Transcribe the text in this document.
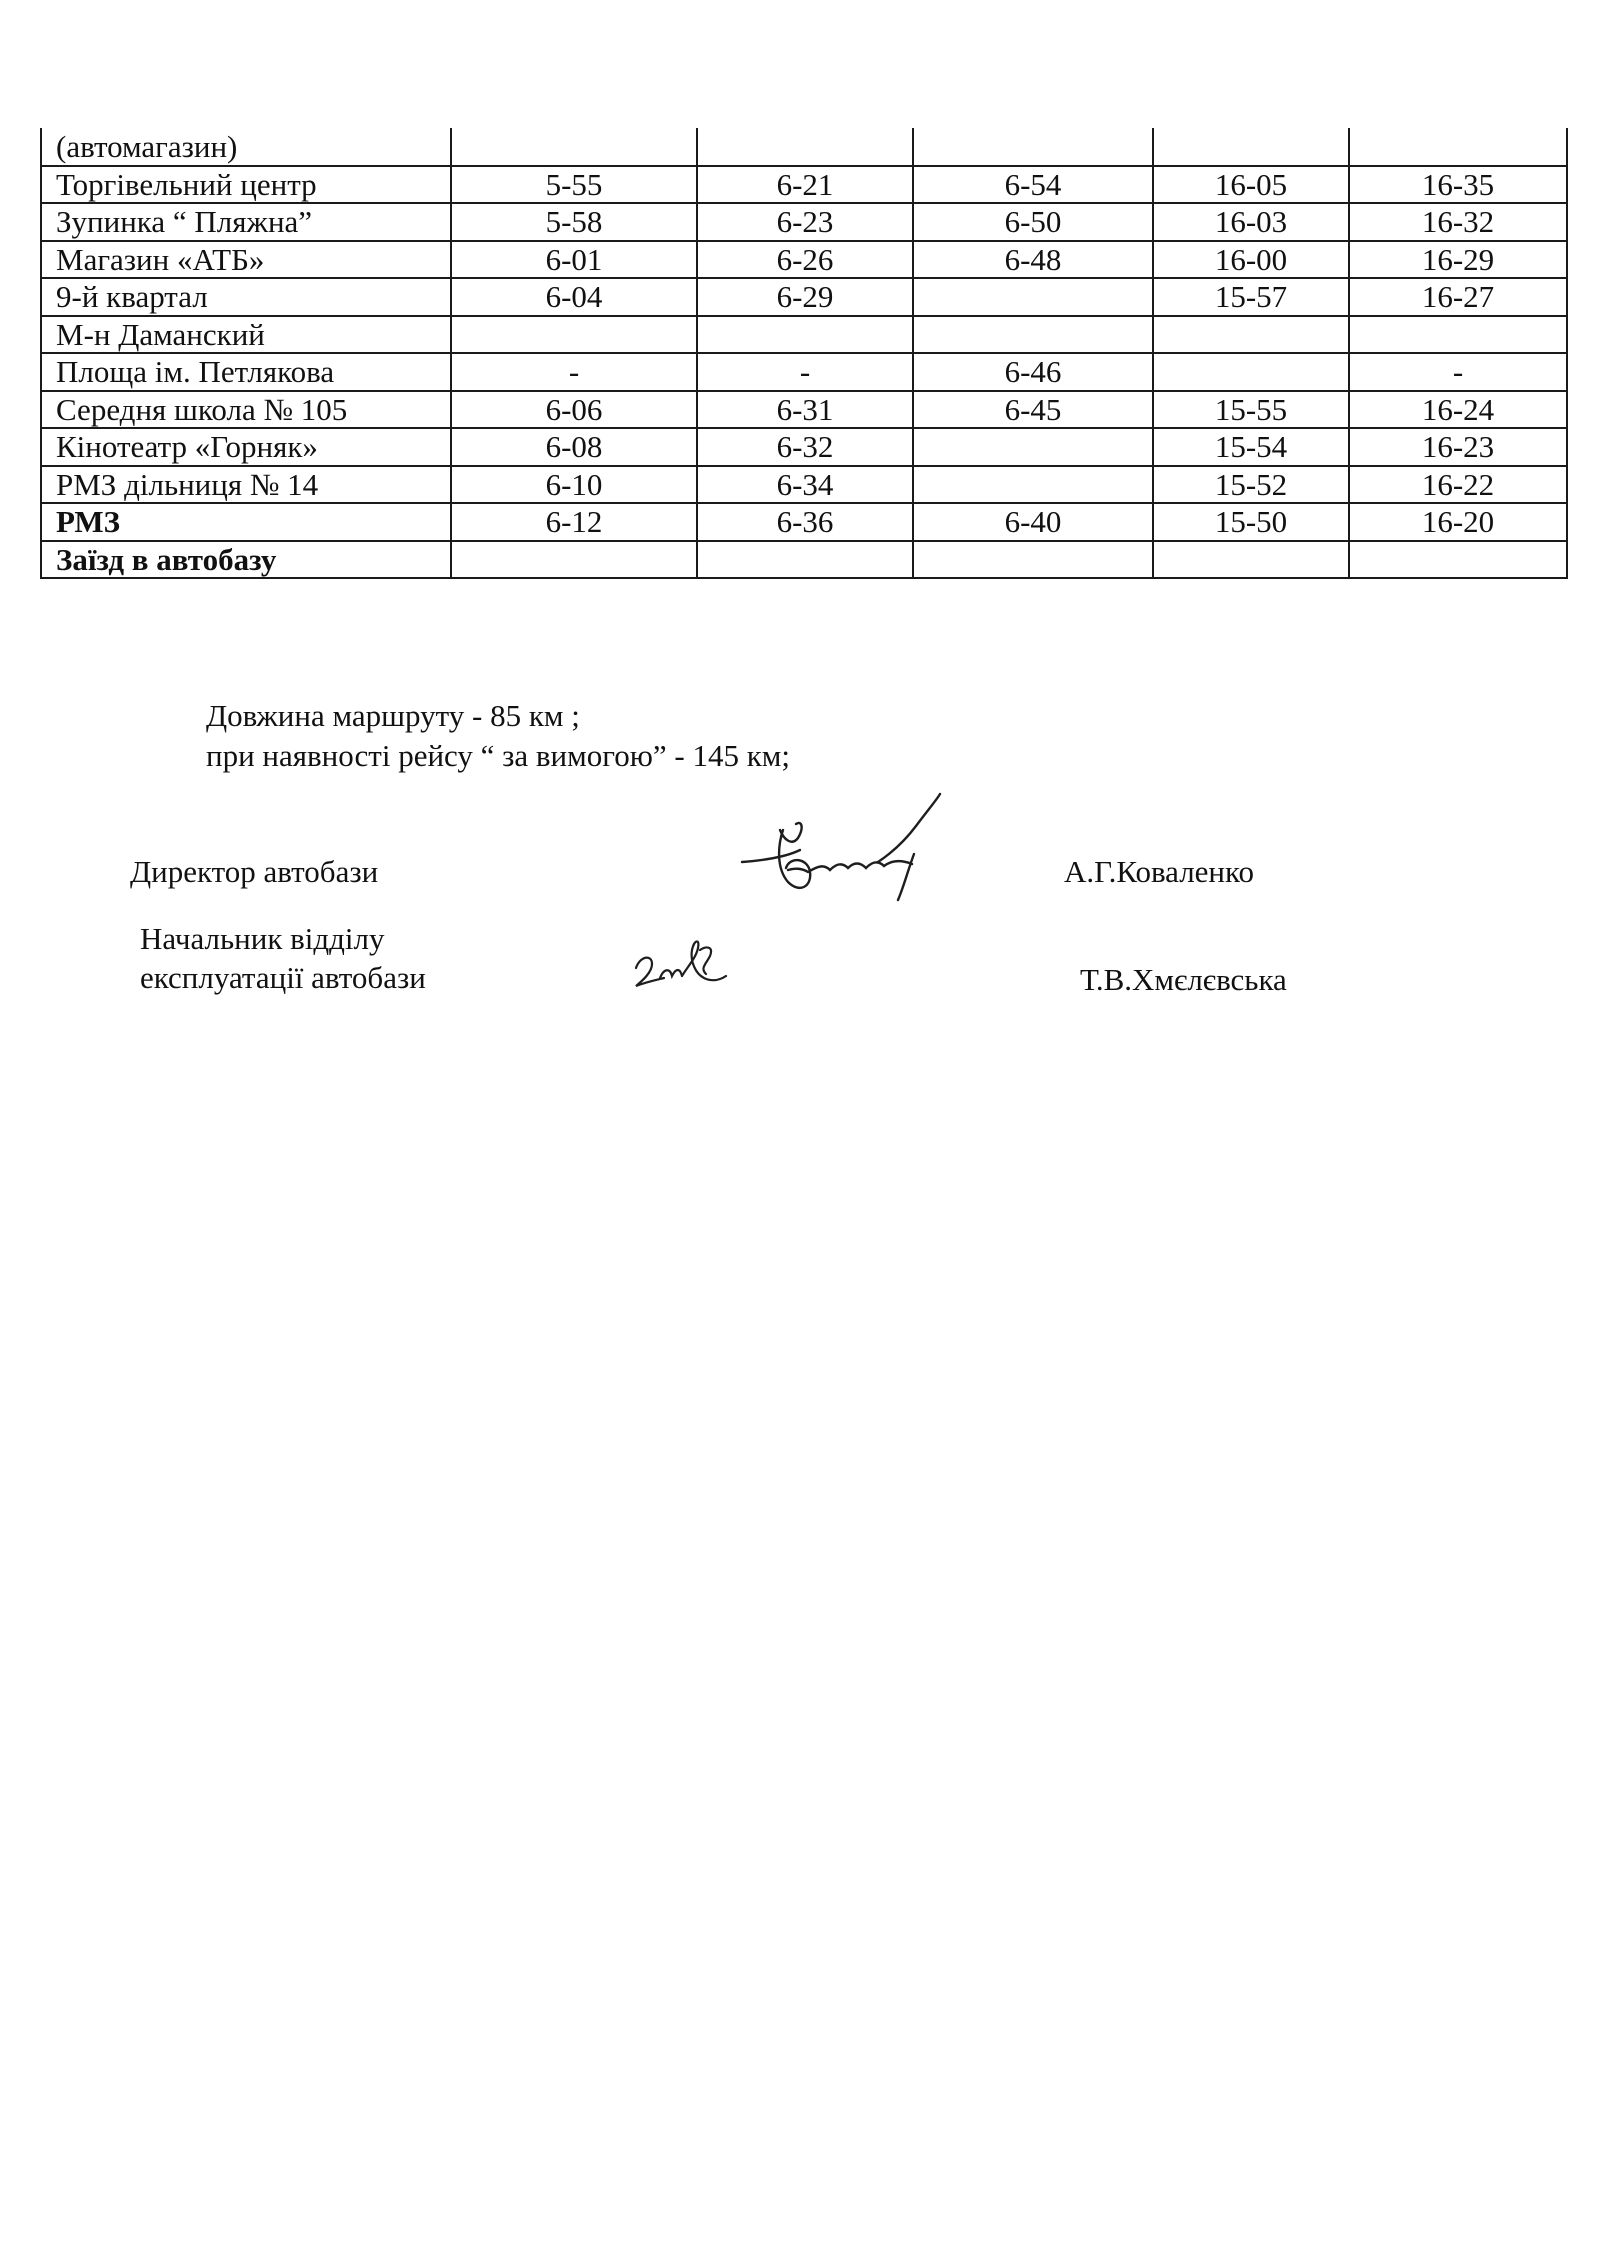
(автомагазин)					
Торгівельний центр	5-55	6-21	6-54	16-05	16-35
Зупинка “ Пляжна”	5-58	6-23	6-50	16-03	16-32
Магазин «АТБ»	6-01	6-26	6-48	16-00	16-29
9-й квартал	6-04	6-29		15-57	16-27
М-н Даманский					
Площа ім. Петлякова	-	-	6-46		-
Середня школа № 105	6-06	6-31	6-45	15-55	16-24
Кінотеатр «Горняк»	6-08	6-32		15-54	16-23
РМЗ дільниця № 14	6-10	6-34		15-52	16-22
РМЗ	6-12	6-36	6-40	15-50	16-20
Заїзд в автобазу					
Довжина маршруту - 85 км ;
при наявності рейсу “ за вимогою” - 145 км;
Директор автобази	А.Г.Коваленко
Начальник відділу
експлуатації автобази	Т.В.Хмєлєвська
